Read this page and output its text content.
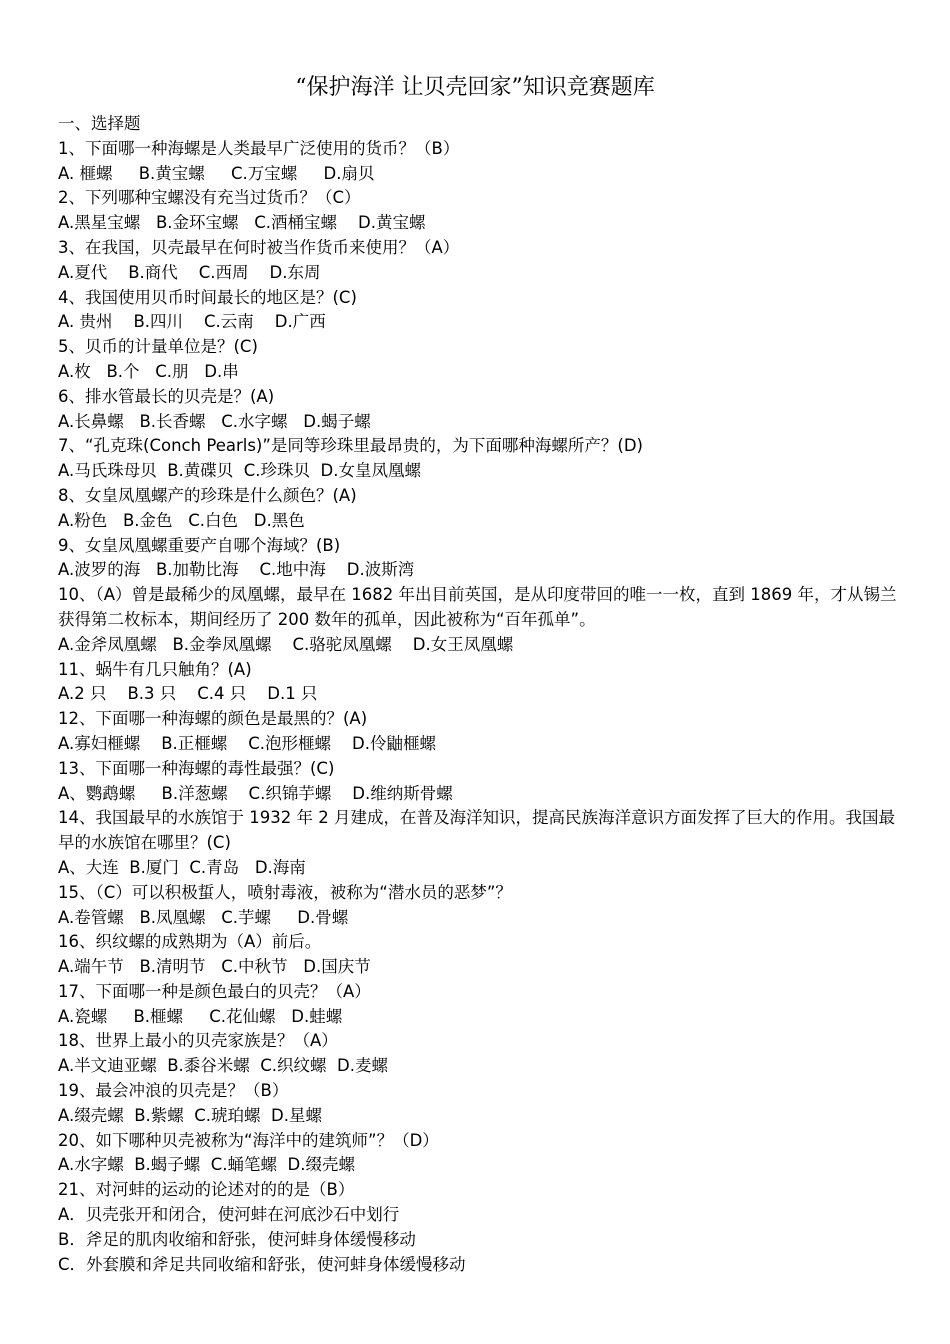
“保护海洋 让贝壳回家”知识竞赛题库
一、选择题
1、下面哪一种海螺是人类最早广泛使用的货币？（B）
A. 榧螺     B.黄宝螺     C.万宝螺     D.扇贝
2、下列哪种宝螺没有充当过货币？（C）
A.黑星宝螺   B.金环宝螺   C.酒桶宝螺    D.黄宝螺
3、在我国，贝壳最早在何时被当作货币来使用？（A）
A.夏代    B.商代    C.西周    D.东周
4、我国使用贝币时间最长的地区是？(C)
A. 贵州    B.四川    C.云南    D.广西
5、贝币的计量单位是？(C)
A.枚   B.个   C.朋   D.串
6、排水管最长的贝壳是？(A)
A.长鼻螺   B.长香螺   C.水字螺   D.蝎子螺
7、“孔克珠(Conch Pearls)”是同等珍珠里最昂贵的，为下面哪种海螺所产？(D)
A.马氏珠母贝  B.黄碟贝  C.珍珠贝  D.女皇凤凰螺
8、女皇凤凰螺产的珍珠是什么颜色？(A)
A.粉色   B.金色   C.白色   D.黑色
9、女皇凤凰螺重要产自哪个海域？(B)
A.波罗的海   B.加勒比海    C.地中海    D.波斯湾
10、（A）曾是最稀少的凤凰螺，最早在 1682 年出目前英国，是从印度带回的唯一一枚，直到 1869 年，才从锡兰获得第二枚标本，期间经历了 200 数年的孤单，因此被称为“百年孤单”。
A.金斧凤凰螺   B.金拳凤凰螺    C.骆驼凤凰螺    D.女王凤凰螺
11、蜗牛有几只触角？(A)
A.2 只    B.3 只    C.4 只    D.1 只
12、下面哪一种海螺的颜色是最黑的？(A)
A.寡妇榧螺    B.正榧螺    C.泡形榧螺    D.伶鼬榧螺
13、下面哪一种海螺的毒性最强？(C)
A、鹦鹉螺     B.洋葱螺    C.织锦芋螺    D.维纳斯骨螺
14、我国最早的水族馆于 1932 年 2 月建成，在普及海洋知识，提高民族海洋意识方面发挥了巨大的作用。我国最早的水族馆在哪里？(C)
A、大连  B.厦门  C.青岛   D.海南
15、（C）可以积极蜇人，喷射毒液，被称为“潜水员的恶梦”？
A.卷管螺   B.凤凰螺   C.芋螺     D.骨螺
16、织纹螺的成熟期为（A）前后。
A.端午节   B.清明节   C.中秋节   D.国庆节
17、下面哪一种是颜色最白的贝壳？（A）
A.瓷螺     B.榧螺     C.花仙螺   D.蛙螺
18、世界上最小的贝壳家族是？（A）
A.半文迪亚螺  B.黍谷米螺  C.织纹螺  D.麦螺
19、最会冲浪的贝壳是？（B）
A.缀壳螺  B.紫螺  C.琥珀螺  D.星螺
20、如下哪种贝壳被称为“海洋中的建筑师”？（D）
A.水字螺  B.蝎子螺  C.蛹笔螺  D.缀壳螺
21、对河蚌的运动的论述对的的是（B）
A．贝壳张开和闭合，使河蚌在河底沙石中划行
B．斧足的肌肉收缩和舒张，使河蚌身体缓慢移动
C．外套膜和斧足共同收缩和舒张，使河蚌身体缓慢移动
